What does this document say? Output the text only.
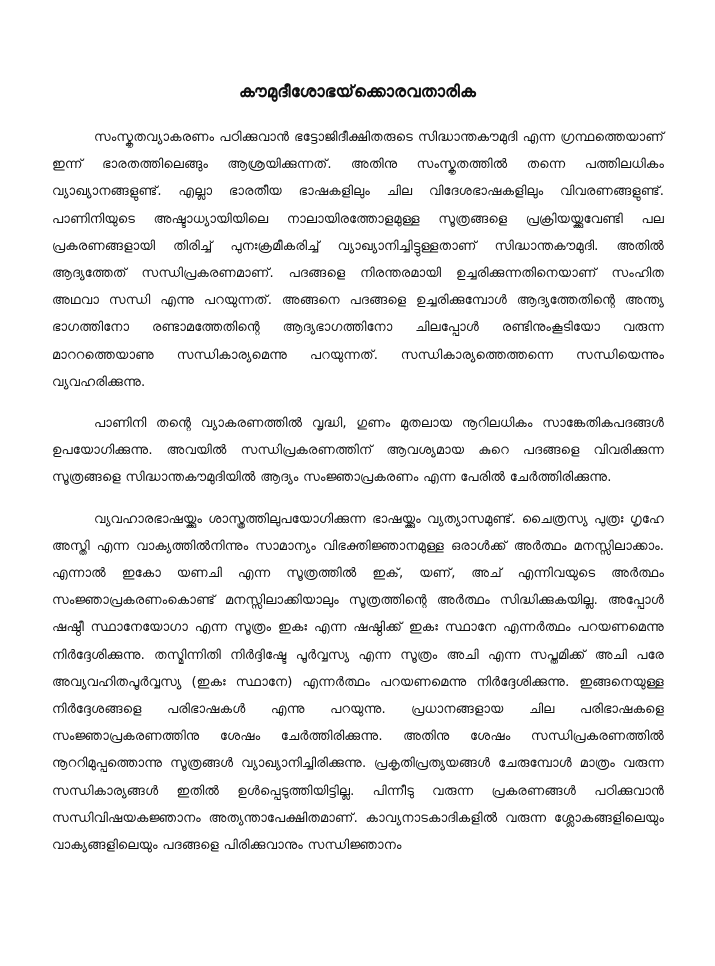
കൗമുദീശോഭയ്‌ക്കൊരവതാരിക

സംസ്കൃതവ്യാകരണം പഠിക്കുവാൻ ഭട്ടോജിദീക്ഷിതരുടെ സിദ്ധാന്തകൗമുദി എന്ന ഗ്രന്ഥത്തെയാണ് ഇന്ന് ഭാരതത്തിലെങ്ങും ആശ്രയിക്കുന്നത്. അതിനു സംസ്കൃതത്തിൽ തന്നെ പത്തിലധികം വ്യാഖ്യാനങ്ങളുണ്ട്. എല്ലാ ഭാരതീയ ഭാഷകളിലും ചില വിദേശഭാഷകളിലും വിവരണങ്ങളുണ്ട്. പാണിനിയുടെ അഷ്ടാധ്യായിയിലെ നാലായിരത്തോളമുള്ള സൂത്രങ്ങളെ പ്രക്രിയയ്ക്കുവേണ്ടി പല പ്രകരണങ്ങളായി തിരിച്ച് പുനഃക്രമീകരിച്ച് വ്യാഖ്യാനിച്ചിട്ടുള്ളതാണ് സിദ്ധാന്തകൗമുദി. അതിൽ ആദ്യത്തേത് സന്ധിപ്രകരണമാണ്. പദങ്ങളെ നിരന്തരമായി ഉച്ചരിക്കുന്നതിനെയാണ് സംഹിത അഥവാ സന്ധി എന്നു പറയുന്നത്. അങ്ങനെ പദങ്ങളെ ഉച്ചരിക്കുമ്പോൾ ആദ്യത്തേതിന്റെ അന്ത്യ ഭാഗത്തിനോ രണ്ടാമത്തേതിന്റെ ആദ്യഭാഗത്തിനോ ചിലപ്പോൾ രണ്ടിനുംകൂടിയോ വരുന്ന മാററത്തെയാണു സന്ധികാര്യമെന്നു പറയുന്നത്. സന്ധികാര്യത്തെത്തന്നെ സന്ധിയെന്നും വ്യവഹരിക്കുന്നു.

പാണിനി തന്റെ വ്യാകരണത്തിൽ വൃദ്ധി, ഗുണം മുതലായ നൂറിലധികം സാങ്കേതികപദങ്ങൾ ഉപയോഗിക്കുന്നു. അവയിൽ സന്ധിപ്രകരണത്തിന് ആവശ്യമായ കുറെ പദങ്ങളെ വിവരിക്കുന്ന സൂത്രങ്ങളെ സിദ്ധാന്തകൗമുദിയിൽ ആദ്യം സംജ്ഞാപ്രകരണം എന്ന പേരിൽ ചേർത്തിരിക്കുന്നു.

വ്യവഹാരഭാഷയ്ക്കും ശാസ്ത്രത്തിലുപയോഗിക്കുന്ന ഭാഷയ്ക്കും വ്യത്യാസമുണ്ട്. ചൈത്രസ്യ പുത്രഃ ഗൃഹേ അസ്തി എന്ന വാക്യത്തിൽനിന്നും സാമാന്യം വിഭക്തിജ്ഞാനമുള്ള ഒരാൾക്ക് അർത്ഥം മനസ്സിലാക്കാം. എന്നാൽ ഇകോ യണചി എന്ന സൂത്രത്തിൽ ഇക്, യണ്, അച് എന്നിവയുടെ അർത്ഥം സംജ്ഞാപ്രകരണംകൊണ്ട് മനസ്സിലാക്കിയാലും സൂത്രത്തിന്റെ അർത്ഥം സിദ്ധിക്കുകയില്ല. അപ്പോൾ ഷഷ്ഠീ സ്ഥാനേയോഗാ എന്ന സൂത്രം ഇകഃ എന്ന ഷഷ്ഠിക്ക് ഇകഃ സ്ഥാനേ എന്നർത്ഥം പറയണമെന്നു നിർദ്ദേശിക്കുന്നു. തസ്മിന്നിതി നിർദ്ദിഷ്ടേ പൂർവ്വസ്യ എന്ന സൂത്രം അചി എന്ന സപ്തമിക്ക് അചി പരേ അവ്യവഹിതപൂർവ്വസ്യ (ഇകഃ സ്ഥാനേ) എന്നർത്ഥം പറയണമെന്നു നിർദ്ദേശിക്കുന്നു. ഇങ്ങനെയുള്ള നിർദ്ദേശങ്ങളെ പരിഭാഷകൾ എന്നു പറയുന്നു. പ്രധാനങ്ങളായ ചില പരിഭാഷകളെ സംജ്ഞാപ്രകരണത്തിനു ശേഷം ചേർത്തിരിക്കുന്നു. അതിനു ശേഷം സന്ധിപ്രകരണത്തിൽ നൂററിമുപ്പത്തൊന്നു സൂത്രങ്ങൾ വ്യാഖ്യാനിച്ചിരിക്കുന്നു. പ്രകൃതിപ്രത്യയങ്ങൾ ചേരുമ്പോൾ മാത്രം വരുന്ന സന്ധികാര്യങ്ങൾ ഇതിൽ ഉൾപ്പെടുത്തിയിട്ടില്ല. പിന്നീടു വരുന്ന പ്രകരണങ്ങൾ പഠിക്കുവാൻ സന്ധിവിഷയകജ്ഞാനം അത്യന്താപേക്ഷിതമാണ്. കാവ്യനാടകാദികളിൽ വരുന്ന ശ്ലോകങ്ങളിലെയും വാക്യങ്ങളിലെയും പദങ്ങളെ പിരിക്കുവാനും സന്ധിജ്ഞാനം
